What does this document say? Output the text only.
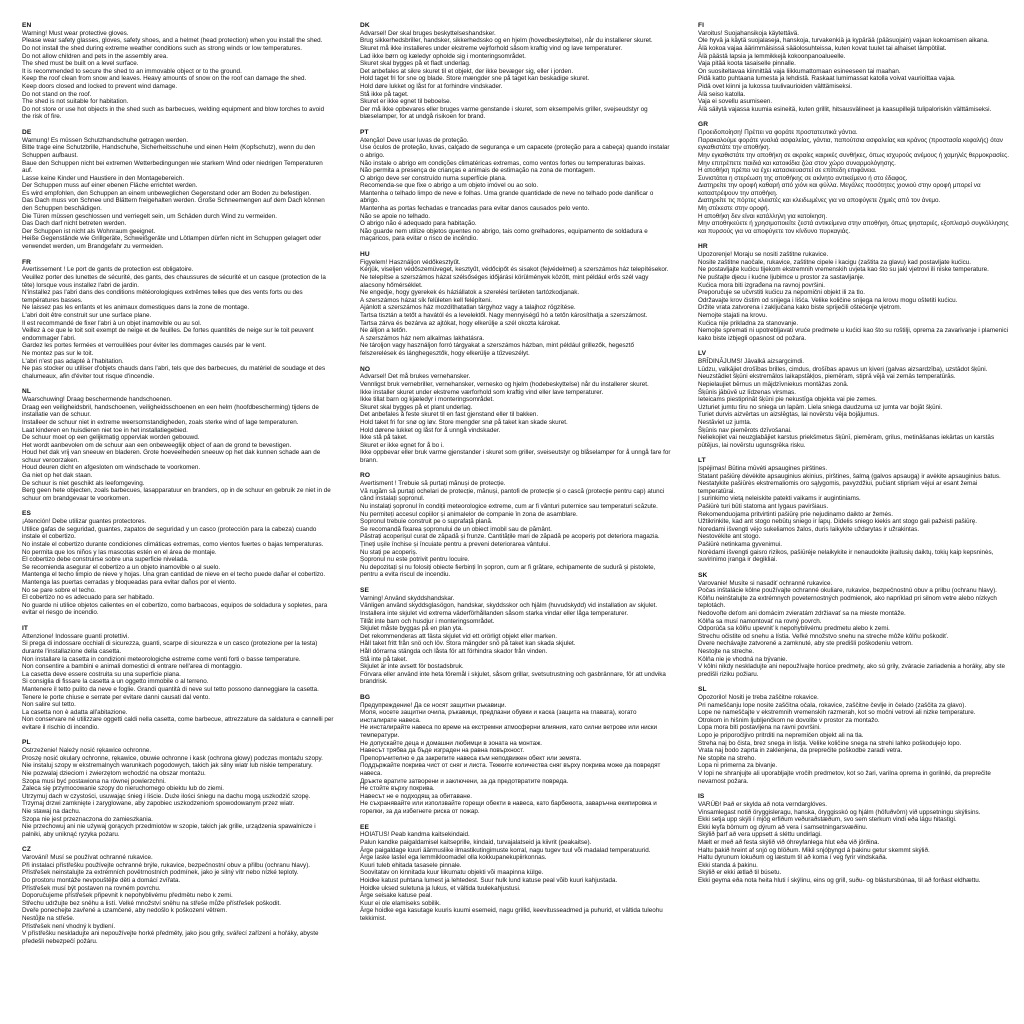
EN
Warning! Must wear protective gloves.
Please wear safety glasses, gloves, safety shoes, and a helmet (head protection) when you install the shed.
Do not install the shed during extreme weather conditions such as strong winds or low temperatures.
Do not allow children and pets in the assembly area.
The shed must be built on a level surface.
It is recommended to secure the shed to an immovable object or to the ground.
Keep the roof clean from snow and leaves. Heavy amounts of snow on the roof can damage the shed.
Keep doors closed and locked to prevent wind damage.
Do not stand on the roof.
The shed is not suitable for habitation.
Do not store or use hot objects in the shed such as barbecues, welding equipment and blow torches to avoid the risk of fire.
DE
Warnung! Es müssen Schutzhandschuhe getragen werden.
Bitte trage eine Schutzbrille, Handschuhe, Sicherheitsschuhe und einen Helm (Kopfschutz), wenn du den Schuppen aufbaust.
Baue den Schuppen nicht bei extremen Wetterbedingungen wie starkem Wind oder niedrigen Temperaturen auf.
Lasse keine Kinder und Haustiere in den Montagebereich.
Der Schuppen muss auf einer ebenen Fläche errichtet werden.
Es wird empfohlen, den Schuppen an einem unbeweglichen Gegenstand oder am Boden zu befestigen.
Das Dach muss von Schnee und Blättern freigehalten werden. Große Schneemengen auf dem Dach können den Schuppen beschädigen.
Die Türen müssen geschlossen und verriegelt sein, um Schäden durch Wind zu vermeiden.
Das Dach darf nicht betreten werden.
Der Schuppen ist nicht als Wohnraum geeignet.
Heiße Gegenstände wie Grillgeräte, Schweißgeräte und Lötlampen dürfen nicht im Schuppen gelagert oder verwendet werden, um Brandgefahr zu vermeiden.
FR
Avertissement ! Le port de gants de protection est obligatoire.
Veuillez porter des lunettes de sécurité, des gants, des chaussures de sécurité et un casque (protection de la tête) lorsque vous installez l'abri de jardin.
N'installez pas l'abri dans des conditions météorologiques extrêmes telles que des vents forts ou des températures basses.
Ne laissez pas les enfants et les animaux domestiques dans la zone de montage.
L'abri doit être construit sur une surface plane.
Il est recommandé de fixer l'abri à un objet inamovible ou au sol.
Veillez à ce que le toit soit exempt de neige et de feuilles. De fortes quantités de neige sur le toit peuvent endommager l'abri.
Gardez les portes fermées et verrouillées pour éviter les dommages causés par le vent.
Ne montez pas sur le toit.
L'abri n'est pas adapté à l'habitation.
Ne pas stocker ou utiliser d'objets chauds dans l'abri, tels que des barbecues, du matériel de soudage et des chalumeaux, afin d'éviter tout risque d'incendie.
NL
Waarschuwing! Draag beschermende handschoenen.
Draag een veiligheidsbril, handschoenen, veiligheidsschoenen en een helm (hoofdbescherming) tijdens de installatie van de schuur.
Installeer de schuur niet in extreme weersomstandigheden, zoals sterke wind of lage temperaturen.
Laat kinderen en huisdieren niet toe in het installatiegebied.
De schuur moet op een gelijkmatig oppervlak worden gebouwd.
Het wordt aanbevolen om de schuur aan een onbeweeglijk object of aan de grond te bevestigen.
Houd het dak vrij van sneeuw en bladeren. Grote hoeveelheden sneeuw op het dak kunnen schade aan de schuur veroorzaken.
Houd deuren dicht en afgesloten om windschade te voorkomen.
Ga niet op het dak staan.
De schuur is niet geschikt als leefomgeving.
Berg geen hete objecten, zoals barbecues, lasapparatuur en branders, op in de schuur en gebruik ze niet in de schuur om brandgevaar te voorkomen.
ES
¡Atención! Debe utilizar guantes protectores.
Utilice gafas de seguridad, guantes, zapatos de seguridad y un casco (protección para la cabeza) cuando instale el cobertizo.
No instale el cobertizo durante condiciones climáticas extremas, como vientos fuertes o bajas temperaturas.
No permita que los niños y las mascotas estén en el área de montaje.
El cobertizo debe construirse sobre una superficie nivelada.
Se recomienda asegurar el cobertizo a un objeto inamovible o al suelo.
Mantenga el techo limpio de nieve y hojas. Una gran cantidad de nieve en el techo puede dañar el cobertizo.
Mantenga las puertas cerradas y bloqueadas para evitar daños por el viento.
No se pare sobre el techo.
El cobertizo no es adecuado para ser habitado.
No guarde ni utilice objetos calientes en el cobertizo, como barbacoas, equipos de soldadura y sopletes, para evitar el riesgo de incendio.
IT
Attenzione! Indossare guanti protettivi.
Si prega di indossare occhiali di sicurezza, guanti, scarpe di sicurezza e un casco (protezione per la testa) durante l'installazione della casetta.
Non installare la casetta in condizioni meteorologiche estreme come venti forti o basse temperature.
Non consentire a bambini e animali domestici di entrare nell'area di montaggio.
La casetta deve essere costruita su una superficie piana.
Si consiglia di fissare la casetta a un oggetto immobile o al terreno.
Mantenere il tetto pulito da neve e foglie. Grandi quantità di neve sul tetto possono danneggiare la casetta.
Tenere le porte chiuse e serrate per evitare danni causati dal vento.
Non salire sul tetto.
La casetta non è adatta all'abitazione.
Non conservare né utilizzare oggetti caldi nella casetta, come barbecue, attrezzature da saldatura e cannelli per evitare il rischio di incendio.
PL
Ostrzeżenie! Należy nosić rękawice ochronne.
Proszę nosić okulary ochronne, rękawice, obuwie ochronne i kask (ochrona głowy) podczas montażu szopy.
Nie instaluj szopy w ekstremalnych warunkach pogodowych, takich jak silny wiatr lub niskie temperatury.
Nie pozwalaj dzieciom i zwierzętom wchodzić na obszar montażu.
Szopa musi być postawiona na równej powierzchni.
Zaleca się przymocowanie szopy do nieruchomego obiektu lub do ziemi.
Utrzymuj dach w czystości, usuwając śnieg i liście. Duże ilości śniegu na dachu mogą uszkodzić szopę.
Trzymaj drzwi zamknięte i zaryglowane, aby zapobiec uszkodzeniom spowodowanym przez wiatr.
Nie stawaj na dachu.
Szopa nie jest przeznaczona do zamieszkania.
Nie przechowuj ani nie używaj gorących przedmiotów w szopie, takich jak grille, urządzenia spawalnicze i palniki, aby uniknąć ryzyka pożaru.
CZ
Varování! Musí se používat ochranné rukavice.
Při instalaci přístřešku používejte ochranné brýle, rukavice, bezpečnostní obuv a přilbu (ochranu hlavy).
Přístřešek neinstalujte za extrémních povětrnostních podmínek, jako je silný vítr nebo nízké teploty.
Do prostoru montáže nevpouštějte děti a domácí zvířata.
Přístřešek musí být postaven na rovném povrchu.
Doporučujeme přístřešek připevnit k nepohyblivému předmětu nebo k zemi.
Střechu udržujte bez sněhu a listí. Velké množství sněhu na střeše může přístřešek poškodit.
Dveře ponechejte zavřené a uzamčené, aby nedošlo k poškození větrem.
Nestůjte na střeše.
Přístřešek není vhodný k bydlení.
V přístřešku neskladujte ani nepoužívejte horké předměty, jako jsou grily, svářecí zařízení a hořáky, abyste předešli nebezpečí požáru.
DK
Advarsel! Der skal bruges beskyttelseshandsker.
Brug sikkerhedsbriller, handsker, sikkerhedssko og en hjelm (hovedbeskyttelse), når du installerer skuret.
Skuret må ikke installeres under ekstreme vejrforhold såsom kraftig vind og lave temperaturer.
Lad ikke børn og kæledyr opholde sig i monteringsområdet.
Skuret skal bygges på et fladt underlag.
Det anbefales at sikre skuret til et objekt, der ikke bevæger sig, eller i jorden.
Hold taget fri for sne og blade. Store mængder sne på taget kan beskadige skuret.
Hold døre lukket og låst for at forhindre vindskader.
Stå ikke på taget.
Skuret er ikke egnet til beboelse.
Der må ikke opbevares eller bruges varme genstande i skuret, som eksempelvis griller, svejseudstyr og blæselamper, for at undgå risikoen for brand.
PT
Atenção! Deve usar luvas de proteção.
Use óculos de proteção, luvas, calçado de segurança e um capacete (proteção para a cabeça) quando instalar o abrigo.
Não instale o abrigo em condições climatéricas extremas, como ventos fortes ou temperaturas baixas.
Não permita a presença de crianças e animais de estimação na zona de montagem.
O abrigo deve ser construído numa superfície plana.
Recomenda-se que fixe o abrigo a um objeto imóvel ou ao solo.
Mantenha o telhado limpo de neve e folhas. Uma grande quantidade de neve no telhado pode danificar o abrigo.
Mantenha as portas fechadas e trancadas para evitar danos causados pelo vento.
Não se apoie no telhado.
O abrigo não é adequado para habitação.
Não guarde nem utilize objetos quentes no abrigo, tais como grelhadores, equipamento de soldadura e maçaricos, para evitar o risco de incêndio.
HU
Figyelem! Használjon védőkesztyűt.
Kérjük, viseljen védőszemüveget, kesztyűt, védőcipőt és sisakot (fejvédelmet) a szerszámos ház telepítésekor.
Ne telepítse a szerszámos házat szélsőséges időjárási körülmények között, mint például erős szél vagy alacsony hőmérséklet.
Ne engedje, hogy gyerekek és háziállatok a szerelési területen tartózkodjanak.
A szerszámos házat sík felületen kell felépíteni.
Ajánlott a szerszámos ház mozdíthatatlan tárgyhoz vagy a talajhoz rögzítése.
Tartsa tisztán a tetőt a havától és a levelektől. Nagy mennyiségű hó a tetőn károsíthatja a szerszámost.
Tartsa zárva és bezárva az ajtókat, hogy elkerülje a szél okozta károkat.
Ne álljon a tetőn.
A szerszámos ház nem alkalmas lakhatásra.
Ne tároljon vagy használjon forró tárgyakat a szerszámos házban, mint például grillezők, hegesztő felszerelések és lánghegesztők, hogy elkerülje a tűzveszélyt.
NO
Advarsel! Det må brukes vernehansker.
Vennligst bruk vernebriller, vernehansker, vernesko og hjelm (hodebeskyttelse) når du installerer skuret.
Ikke installer skuret under ekstreme værforhold som kraftig vind eller lave temperaturer.
Ikke tillat barn og kjæledyr i monteringsområdet.
Skuret skal bygges på et plant underlag.
Det anbefales å feste skuret til en fast gjenstand eller til bakken.
Hold taket fri for snø og løv. Store mengder snø på taket kan skade skuret.
Hold dørene lukket og låst for å unngå vindskader.
Ikke stå på taket.
Skuret er ikke egnet for å bo i.
Ikke oppbevar eller bruk varme gjenstander i skuret som griller, sveiseutstyr og blåselamper for å unngå fare for brann.
RO
Avertisment ! Trebuie să purtați mănuși de protecție.
Vă rugăm să purtați ochelari de protecție, mănuși, pantofi de protecție și o cască (protecție pentru cap) atunci când instalați șopronul.
Nu instalați șopronul în condiții meteorologice extreme, cum ar fi vânturi puternice sau temperaturi scăzute.
Nu permiteți accesul copiilor și animalelor de companie în zona de asamblare.
Șopronul trebuie construit pe o suprafață plană.
Se recomandă fixarea șopronului de un obiect imobil sau de pământ.
Păstrați acoperișul curat de zăpadă și frunze. Cantitățile mari de zăpadă pe acoperiș pot deteriora magazia.
Țineți ușile închise și încuiate pentru a preveni deteriorarea vântului.
Nu stați pe acoperiș.
Șopronul nu este potrivit pentru locuire.
Nu depozitați și nu folosiți obiecte fierbinți în șopron, cum ar fi grătare, echipamente de sudură și pistolete, pentru a evita riscul de incendiu.
SE
Varning! Använd skyddshandskar.
Vänligen använd skyddsglasögon, handskar, skyddsskor och hjälm (huvudskydd) vid installation av skjulet.
Installera inte skjulet vid extrema väderförhållanden såsom starka vindar eller låga temperaturer.
Tillåt inte barn och husdjur i monteringsområdet.
Skjulet måste byggas på en plan yta.
Det rekommenderas att fästa skjulet vid ett orörligt objekt eller marken.
Håll taket fritt från snö och löv. Stora mängder snö på taket kan skada skjulet.
Håll dörrarna stängda och låsta för att förhindra skador från vinden.
Stå inte på taket.
Skjulet är inte avsett för bostadsbruk.
Förvara eller använd inte heta föremål i skjulet, såsom grillar, svetsutrustning och gasbrännare, för att undvika brandrisk.
BG
Предупреждение! Да се носят защитни ръкавици.
Моля, носете защитни очила, ръкавици, предпазни обувки и каска (защита на главата), когато инсталирате навеса.
Не инсталирайте навеса по време на екстремни атмосферни влияния, като силни ветрове или ниски температури.
Не допускайте деца и домашни любимци в зоната на монтаж.
Навесът трябва да бъде изграден на равна повърхност.
Препоръчително е да закрепите навеса към неподвижен обект или земята.
Поддържайте покрива чист от сняг и листа. Тежките количества сняг върху покрива може да повредят навеса.
Дръжте вратите затворени и заключени, за да предотвратите повреда.
Не стойте върху покрива.
Навесът не е подходящ за обитаване.
Не съхранявайте или използвайте горещи обекти в навеса, като барбекюта, заваръчна екипировка и горелки, за да избегнете риска от пожар.
EE
HOIATUS! Peab kandma kaitsekindaid.
Palun kandke paigaldamisel kaitseprille, kindaid, turvajalatseid ja kiivrit (peakaitse).
Ärge paigaldage kuuri äärmuslike ilmastikutingimuste korral, nagu tugev tuul või madalad temperatuurid.
Ärge laske lastel ega lemmikloomadel olla kokkupanekupiirkonnas.
Kuuri tuleb ehitada tasasele pinnale.
Soovitatav on kinnitada kuur liikumatu objekti või maapinna külge.
Hoidke katust puhtana lumest ja lehtedest. Suur hulk lund katuse peal võib kuuri kahjustada.
Hoidke uksed suletuna ja lukus, et vältida tuulekahjustusi.
Ärge seisake katuse peal.
Kuur ei ole elamiseks sobilik.
Ärge hoidke ega kasutage kuuris kuumi esemeid, nagu grillid, keevitusseadmed ja puhurid, et vältida tuleohu tekkimist.
FI
Varoitus! Suojahansikoja käytettävä.
Ole hyvä ja käytä suojalaseja, hanskoja, turvakenkiä ja kypärää (pääsuojain) vajaan kokoamisen aikana.
Älä kokoa vajaa äärimmäisissä sääolosuhteissa, kuten kovat tuulet tai alhaiset lämpötilat.
Älä päästä lapsia ja lemmikkejä kokoonpanoalueelle.
Vaja pitää koota tasaiselle pinnalle.
On suositeltavaa kiinnittää vaja liikkumattomaan esineeseen tai maahan.
Pidä katto puhtaana lumesta ja lehdistä. Raskaat lumimassat katolla voivat vaurioittaa vajaa.
Pidä ovet kiinni ja lukossa tuulivaurioiden välttämiseksi.
Älä seiso katolla.
Vaja ei sovellu asumiseen.
Älä säilytä vajassa kuumia esineitä, kuten grillit, hitsausvälineet ja kaasupillejä tulipaloriskin välttämiseksi.
GR
Προειδοποίηση! Πρέπει να φοράτε προστατευτικά γάντια.
Παρακαλούμε φοράτε γυαλιά ασφαλείας, γάντια, παπούτσια ασφαλείας και κράνος (προστασία κεφαλής) όταν εγκαθιστάτε την αποθήκη.
Μην εγκαθιστάτε την αποθήκη σε ακραίες καιρικές συνθήκες, όπως ισχυρούς ανέμους ή χαμηλές θερμοκρασίες.
Μην επιτρέπετε παιδιά και κατοικίδια ζώα στον χώρο συναρμολόγησης.
Η αποθήκη πρέπει να έχει κατασκευαστεί σε επίπεδη επιφάνεια.
Συνιστάται η στερέωση της αποθήκης σε ακίνητο αντικείμενο ή στο έδαφος.
Διατηρείτε την οροφή καθαρή από χιόνι και φύλλα. Μεγάλες ποσότητες χιονιού στην οροφή μπορεί να καταστρέψουν την αποθήκη.
Διατηρείτε τις πόρτες κλειστές και κλειδωμένες για να αποφύγετε ζημιές από τον άνεμο.
Μη στέκεστε στην οροφή.
Η αποθήκη δεν είναι κατάλληλη για κατοίκηση.
Μην αποθηκεύετε ή χρησιμοποιείτε ζεστά αντικείμενα στην αποθήκη, όπως ψησταριές, εξοπλισμό συγκόλλησης και πυρσούς για να αποφύγετε τον κίνδυνο πυρκαγιάς.
HR
Upozorenje! Moraju se nositi zaštitne rukavice.
Nosite zaštitne naočale, rukavice, zaštitne cipele i kacigu (zaštita za glavu) kad postavljate kućicu.
Ne postavljajte kućicu tijekom ekstremnih vremenskih uvjeta kao što su jaki vjetrovi ili niske temperature.
Ne puštajte djecu i kućne ljubimce u prostor za sastavljanje.
Kućica mora biti izgrađena na ravnoj površini.
Preporučuje se učvrstiti kućicu za nepomični objekt ili za tlo.
Održavajte krov čistim od snijega i lišća. Velike količine snijega na krovu mogu oštetiti kućicu.
Držite vrata zatvorena i zaključana kako biste spriječili oštećenje vjetrom.
Nemojte stajati na krovu.
Kućica nije prikladna za stanovanje.
Nemojte spremati ni upotrebljavati vruće predmete u kućici kao što su roštilji, oprema za zavarivanje i plamenici kako biste izbjegli opasnost od požara.
LV
BRĪDINĀJUMS! Jāvalkā aizsargcimdi.
Lūdzu, valkājiet drošības brilles, cimdus, drošības apavus un ķiveri (galvas aizsardzība), uzstādot šķūni.
Neuzstādiet šķūni ekstremālos laikapstākļos, piemēram, stiprā vējā vai zemās temperatūrās.
Nepielaujiet bērnus un mājdzīvniekus montāžas zonā.
Šķūnis jābūvē uz līdzenas virsmas.
Ieteicams piestiprināt šķūni pie nekustīga objekta vai pie zemes.
Uzturiet jumtu tīru no sniega un lapām. Liela sniega daudzuma uz jumta var bojāt šķūni.
Turiet durvis aizvērtas un aizslēgtas, lai novērstu vēja bojājumus.
Nestāviet uz jumta.
Šķūnis nav piemērots dzīvošanai.
Neliekojiet vai neuzglabājiet karstus priekšmetus šķūnī, piemēram, grilus, metināšanas iekārtas un karstās pūtējus, lai novērstu ugunsgrēka risku.
LT
Įspėjimas! Būtina mūvėti apsaugines pirštines.
Statant pašiūrę dėvėkite apsauginius akinius, pirštines, šalmą (galvos apsaugą) ir avėkite apsauginius batus.
Nestatykite pašiūrės ekstremaliomis oro sąlygomis, pavyzdžiui, pučiant stipriam vėjui ar esant žemai temperatūrai.
Į surinkimo vietą neleiskite patekti vaikams ir augintiniams.
Pašiūrė turi būti statoma ant lygaus paviršiaus.
Rekomenduojama pritvirtinti pašiūrę prie nejudinamo daikto ar žemės.
Užtikrinkite, kad ant stogo nebūtų sniego ir lapų. Didelis sniego kiekis ant stogo gali pažeisti pašiūrę.
Noredami išvengti vėjo sukeliamos žalos, duris laikykite uždarytas ir užrakintas.
Nestovėkite ant stogo.
Pašiūrė netinkama gyvenimui.
Norėdami išvengti gaisro rizikos, pašiūrėje nelaikykite ir nenaudokite įkaitusių daiktų, tokių kaip kepsninės, suvirinimo įranga ir degikliai.
SK
Varovanie! Musíte si nasadiť ochranné rukavice.
Počas inštalácie kôlne používajte ochranné okuliare, rukavice, bezpečnostnú obuv a prilbu (ochranu hlavy).
Kôlňu neinštalujte za extrémnych poveternostných podmienok, ako napríklad pri silnom vetre alebo nízkych teplotách.
Nedovoľte deťom ani domácim zvieratám zdržiavať sa na mieste montáže.
Kôlňa sa musí namontovať na rovný povrch.
Odporúča sa kôlňu upevniť k nepohyblivému predmetu alebo k zemi.
Strechu očistite od snehu a lístia. Veľké množstvo snehu na streche môže kôlňu poškodiť.
Dvere nechávajte zatvorené a zamknuté, aby ste predišli poškodeniu vetrom.
Nestojte na streche.
Kôlňa nie je vhodná na bývanie.
V kôlni nikdy neskladujte ani nepoužívajte horúce predmety, ako sú grily, zváracie zariadenia a horáky, aby ste predišli riziku požiaru.
SL
Opozorilo! Nositi je treba zaščitne rokavice.
Pri nameščanju lope nosite zaščitna očala, rokavice, zaščitne čevlje in čelado (zaščita za glavo).
Lope ne nameščajte v ekstremnih vremenskih razmerah, kot so močni vetrovi ali nizke temperature.
Otrokom in hišnim ljubljenčkom ne dovolite v prostor za montažo.
Lopa mora biti postavljena na ravni površini.
Lopo je priporočljivo pritrditi na nepremičen objekt ali na tla.
Streha naj bo čista, brez snega in listja. Velike količine snega na strehi lahko poškodujejo lopo.
Vrata naj bodo zaprta in zaklenjena, da preprečite poškodbe zaradi vetra.
Ne stopite na streho.
Lopa ni primerna za bivanje.
V lopi ne shranjujte ali uporabljajte vročih predmetov, kot so žari, varilna oprema in gorilniki, da preprečite nevarnost požara.
IS
VARÚÐ! Það er skylda að nota verndarglóves.
Vinsamlegast notið öryggisleragu, hanska, öryggisskó og hjálm (höfuðvörn) við uppsetningu skýlisins.
Ekki setja upp skýli í mjög erfiðum veðuraðstæðum, svo sem sterkum vindi eða lágu hitastigi.
Ekki leyfa börnum og dýrum að vera í samsetningarsvæðinu.
Skýlið þarf að vera uppsett á sléttu undirlagi.
Mælt er með að festa skýlið við óhreyfanlega hlut eða við jörðina.
Haltu þakið hreint af snjó og blöðum. Mikil snjóþyngd á þakinu getur skemmt skýlið.
Haltu dyrunum lokuðum og læstum til að koma í veg fyrir vindskaða.
Ekki standa á þakinu.
Skýlið er ekki ætlað til búsetu.
Ekki geyma eða nota heita hluti í skýlinu, eins og grill, suðu- og blástursbúnaa, til að forðast eldhættu.
